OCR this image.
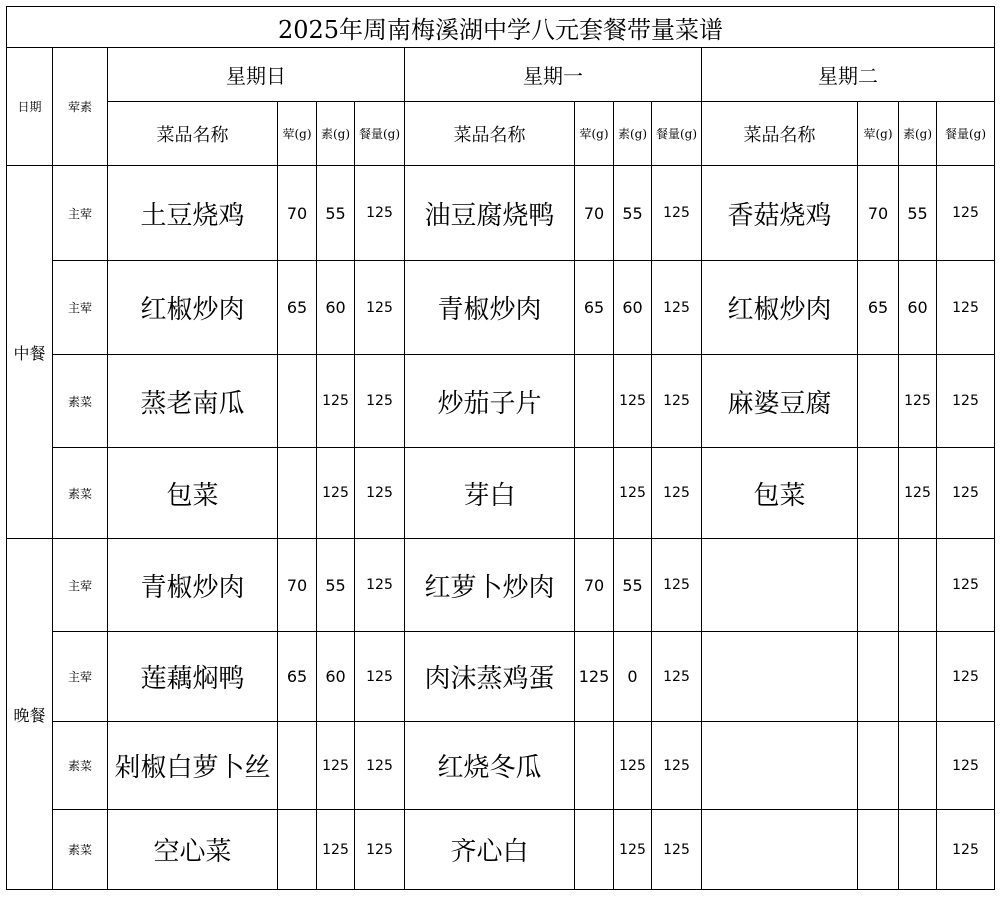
2025年周南梅溪湖中学八元套餐带量菜谱													
日期	荤素	星期日				星期一				星期二			
		菜品名称	荤(g)	素(g)	餐量(g)	菜品名称	荤(g)	素(g)	餐量(g)	菜品名称	荤(g)	素(g)	餐量(g)
中餐	主荤	土豆烧鸡	70	55	125	油豆腐烧鸭	70	55	125	香菇烧鸡	70	55	125
	主荤	红椒炒肉	65	60	125	青椒炒肉	65	60	125	红椒炒肉	65	60	125
	素菜	蒸老南瓜		125	125	炒茄子片		125	125	麻婆豆腐		125	125
	素菜	包菜		125	125	芽白		125	125	包菜		125	125
晚餐	主荤	青椒炒肉	70	55	125	红萝卜炒肉	70	55	125				125
	主荤	莲藕焖鸭	65	60	125	肉沫蒸鸡蛋	125	0	125				125
	素菜	剁椒白萝卜丝		125	125	红烧冬瓜		125	125				125
	素菜	空心菜		125	125	齐心白		125	125				125
